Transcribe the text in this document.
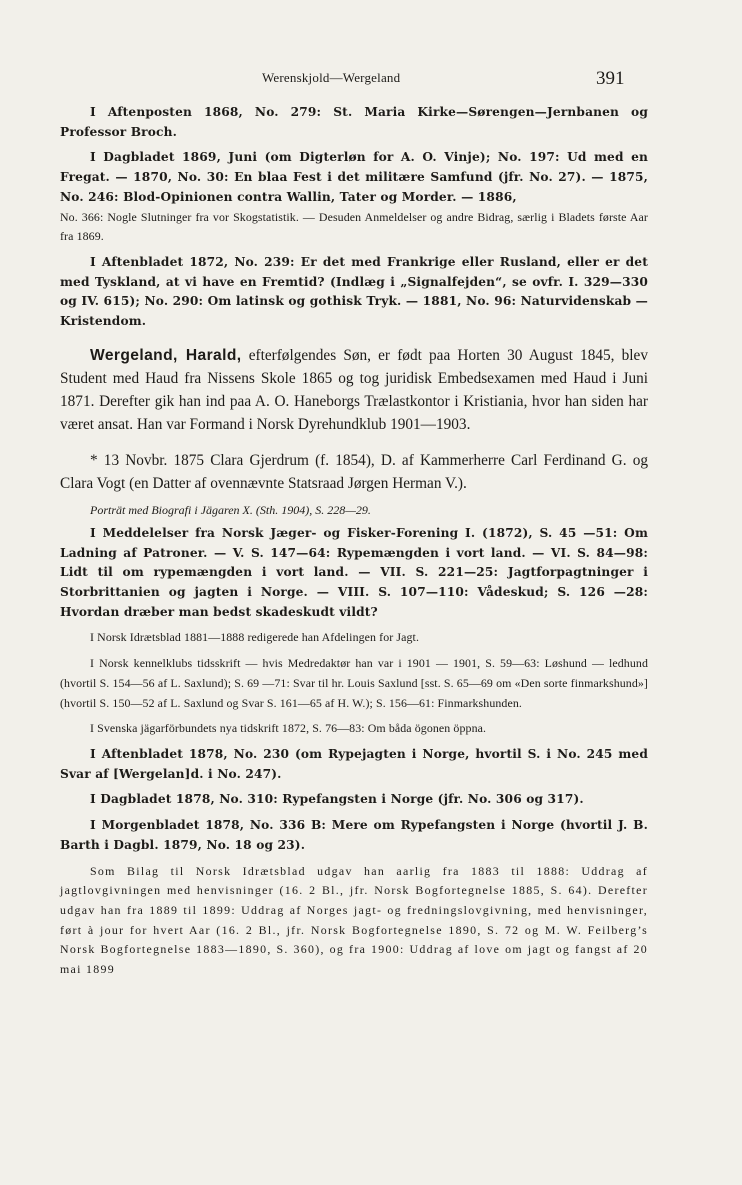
Werenskjold—Wergeland	391

I Aftenposten 1868, No. 279: St. Maria Kirke—Sørengen—Jernbanen og Professor Broch.

I Dagbladet 1869, Juni (om Digterløn for A. O. Vinje); No. 197: Ud med en Fregat. — 1870, No. 30: En blaa Fest i det militære Samfund (jfr. No. 27). — 1875, No. 246: Blod-Opinionen contra Wallin, Tater og Morder. — 1886,

No. 366: Nogle Slutninger fra vor Skogstatistik. — Desuden Anmeldelser og andre Bidrag, særlig i Bladets første Aar fra 1869.

I Aftenbladet 1872, No. 239: Er det med Frankrige eller Rusland, eller er det med Tyskland, at vi have en Fremtid? (Indlæg i „Signalfejden“, se ovfr. I. 329—330 og IV. 615); No. 290: Om latinsk og gothisk Tryk. — 1881, No. 96: Naturvidenskab — Kristendom.

Wergeland, Harald, efterfølgendes Søn, er født paa Horten 30 August 1845, blev Student med Haud fra Nissens Skole 1865 og tog juridisk Embedsexamen med Haud i Juni 1871. Derefter gik han ind paa A. O. Haneborgs Trælastkontor i Kristiania, hvor han siden har været ansat. Han var Formand i Norsk Dyrehundklub 1901—1903.

* 13 Novbr. 1875 Clara Gjerdrum (f. 1854), D. af Kammerherre Carl Ferdinand G. og Clara Vogt (en Datter af ovennævnte Statsraad Jørgen Herman V.).

Porträt med Biografi i Jägaren X. (Sth. 1904), S. 228—29.

I Meddelelser fra Norsk Jæger- og Fisker-Forening I. (1872), S. 45 —51: Om Ladning af Patroner. — V. S. 147—64: Rypemængden i vort land. — VI. S. 84—98: Lidt til om rypemængden i vort land. — VII. S. 221—25: Jagtforpagtninger i Storbrittanien og jagten i Norge. — VIII. S. 107—110: Vådeskud; S. 126 —28: Hvordan dræber man bedst skadeskudt vildt?

I Norsk Idrætsblad 1881—1888 redigerede han Afdelingen for Jagt.

I Norsk kennelklubs tidsskrift — hvis Medredaktør han var i 1901 — 1901, S. 59—63: Løshund — ledhund (hvortil S. 154—56 af L. Saxlund); S. 69 —71: Svar til hr. Louis Saxlund [sst. S. 65—69 om «Den sorte finmarkshund»] (hvortil S. 150—52 af L. Saxlund og Svar S. 161—65 af H. W.); S. 156—61: Finmarkshunden.

I Svenska jägarförbundets nya tidskrift 1872, S. 76—83: Om båda ögonen öppna.

I Aftenbladet 1878, No. 230 (om Rypejagten i Norge, hvortil S. i No. 245 med Svar af [Wergelan]d. i No. 247).

I Dagbladet 1878, No. 310: Rypefangsten i Norge (jfr. No. 306 og 317).

I Morgenbladet 1878, No. 336 B: Mere om Rypefangsten i Norge (hvortil J. B. Barth i Dagbl. 1879, No. 18 og 23).

Som Bilag til Norsk Idrætsblad udgav han aarlig fra 1883 til 1888: Uddrag af jagtlovgivningen med henvisninger (16. 2 Bl., jfr. Norsk Bogfortegnelse 1885, S. 64). Derefter udgav han fra 1889 til 1899: Uddrag af Norges jagt- og fredningslovgivning, med henvisninger, ført à jour for hvert Aar (16. 2 Bl., jfr. Norsk Bogfortegnelse 1890, S. 72 og M. W. Feilberg’s Norsk Bogfortegnelse 1883—1890, S. 360), og fra 1900: Uddrag af love om jagt og fangst af 20 mai 1899
